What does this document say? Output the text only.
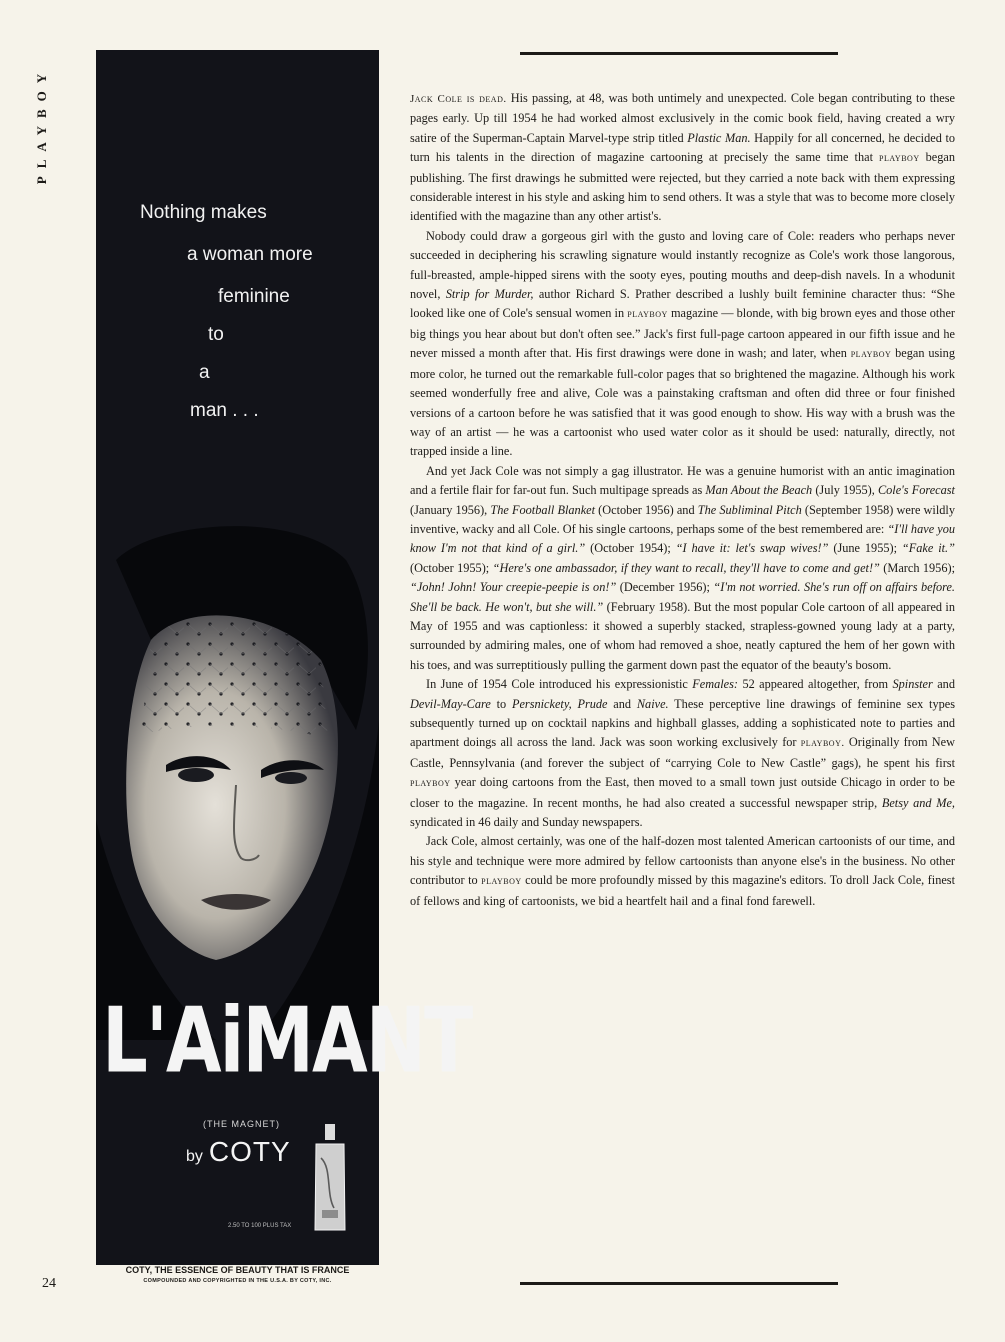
PLAYBOY
Nothing makes
a woman more
feminine
to
a
man . . .
L'AiMANT
(THE MAGNET)
by COTY
2.50 TO 100 PLUS TAX
COTY, THE ESSENCE OF BEAUTY THAT IS FRANCE
COMPOUNDED AND COPYRIGHTED IN THE U.S.A. BY COTY, INC.

Jack Cole is dead. His passing, at 48, was both untimely and unexpected. Cole began contributing to these pages early. Up till 1954 he had worked almost exclusively in the comic book field, having created a wry satire of the Superman-Captain Marvel-type strip titled Plastic Man. Happily for all concerned, he decided to turn his talents in the direction of magazine cartooning at precisely the same time that playboy began publishing. The first drawings he submitted were rejected, but they carried a note back with them expressing considerable interest in his style and asking him to send others. It was a style that was to become more closely identified with the magazine than any other artist's.

Nobody could draw a gorgeous girl with the gusto and loving care of Cole: readers who perhaps never succeeded in deciphering his scrawling signature would instantly recognize as Cole's work those langorous, full-breasted, ample-hipped sirens with the sooty eyes, pouting mouths and deep-dish navels. In a whodunit novel, Strip for Murder, author Richard S. Prather described a lushly built feminine character thus: “She looked like one of Cole's sensual women in playboy magazine — blonde, with big brown eyes and those other big things you hear about but don't often see.” Jack's first full-page cartoon appeared in our fifth issue and he never missed a month after that. His first drawings were done in wash; and later, when playboy began using more color, he turned out the remarkable full-color pages that so brightened the magazine. Although his work seemed wonderfully free and alive, Cole was a painstaking craftsman and often did three or four finished versions of a cartoon before he was satisfied that it was good enough to show. His way with a brush was the way of an artist — he was a cartoonist who used water color as it should be used: naturally, directly, not trapped inside a line.

And yet Jack Cole was not simply a gag illustrator. He was a genuine humorist with an antic imagination and a fertile flair for far-out fun. Such multipage spreads as Man About the Beach (July 1955), Cole's Forecast (January 1956), The Football Blanket (October 1956) and The Subliminal Pitch (September 1958) were wildly inventive, wacky and all Cole. Of his single cartoons, perhaps some of the best remembered are: “I'll have you know I'm not that kind of a girl.” (October 1954); “I have it: let's swap wives!” (June 1955); “Fake it.” (October 1955); “Here's one ambassador, if they want to recall, they'll have to come and get!” (March 1956); “John! John! Your creepie-peepie is on!” (December 1956); “I'm not worried. She's run off on affairs before. She'll be back. He won't, but she will.” (February 1958). But the most popular Cole cartoon of all appeared in May of 1955 and was captionless: it showed a superbly stacked, strapless-gowned young lady at a party, surrounded by admiring males, one of whom had removed a shoe, neatly captured the hem of her gown with his toes, and was surreptitiously pulling the garment down past the equator of the beauty's bosom.

In June of 1954 Cole introduced his expressionistic Females: 52 appeared altogether, from Spinster and Devil-May-Care to Persnickety, Prude and Naive. These perceptive line drawings of feminine sex types subsequently turned up on cocktail napkins and highball glasses, adding a sophisticated note to parties and apartment doings all across the land. Jack was soon working exclusively for playboy. Originally from New Castle, Pennsylvania (and forever the subject of “carrying Cole to New Castle” gags), he spent his first playboy year doing cartoons from the East, then moved to a small town just outside Chicago in order to be closer to the magazine. In recent months, he had also created a successful newspaper strip, Betsy and Me, syndicated in 46 daily and Sunday newspapers.

Jack Cole, almost certainly, was one of the half-dozen most talented American cartoonists of our time, and his style and technique were more admired by fellow cartoonists than anyone else's in the business. No other contributor to playboy could be more profoundly missed by this magazine's editors. To droll Jack Cole, finest of fellows and king of cartoonists, we bid a heartfelt hail and a final fond farewell.

24
